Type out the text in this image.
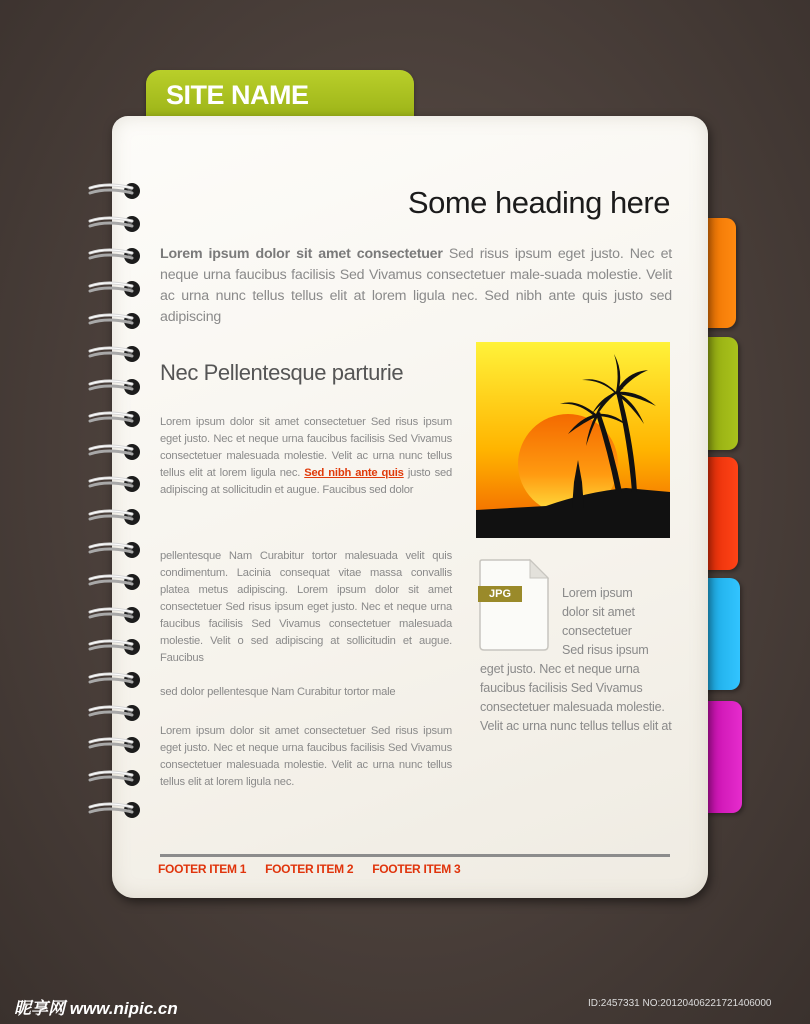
SITE NAME
Some heading here
Lorem ipsum dolor sit amet consectetuer Sed risus ipsum eget justo. Nec et neque urna faucibus facilisis Sed Vivamus consectetuer male-suada molestie. Velit ac urna nunc tellus tellus elit at lorem ligula nec. Sed nibh ante quis justo sed adipiscing
Nec Pellentesque parturie
Lorem ipsum dolor sit amet consectetuer Sed risus ipsum eget justo. Nec et neque urna faucibus facilisis Sed Vivamus consectetuer malesuada molestie. Velit ac urna nunc tellus tellus elit at lorem ligula nec. Sed nibh ante quis justo sed adipiscing at sollicitudin et augue. Faucibus sed dolor
pellentesque Nam Curabitur tortor malesuada velit quis condimentum. Lacinia consequat vitae massa convallis platea metus adipiscing. Lorem ipsum dolor sit amet consectetuer Sed risus ipsum eget justo. Nec et neque urna faucibus facilisis Sed Vivamus consectetuer malesuada molestie. Velit o sed adipiscing at sollicitudin et augue. Faucibus
sed dolor pellentesque Nam Curabitur tortor male
Lorem ipsum dolor sit amet consectetuer Sed risus ipsum eget justo. Nec et neque urna faucibus facilisis Sed Vivamus consectetuer malesuada molestie. Velit ac urna nunc tellus tellus elit at lorem ligula nec.
JPG	Lorem ipsum
dolor sit amet
consectetuer
Sed risus ipsum
eget justo. Nec et neque urna faucibus facilisis Sed Vivamus consectetuer malesuada molestie. Velit ac urna nunc tellus tellus elit at
FOOTER ITEM 1 FOOTER ITEM 2 FOOTER ITEM 3
昵享网 www.nipic.cn	ID:2457331 NO:20120406221721406000
